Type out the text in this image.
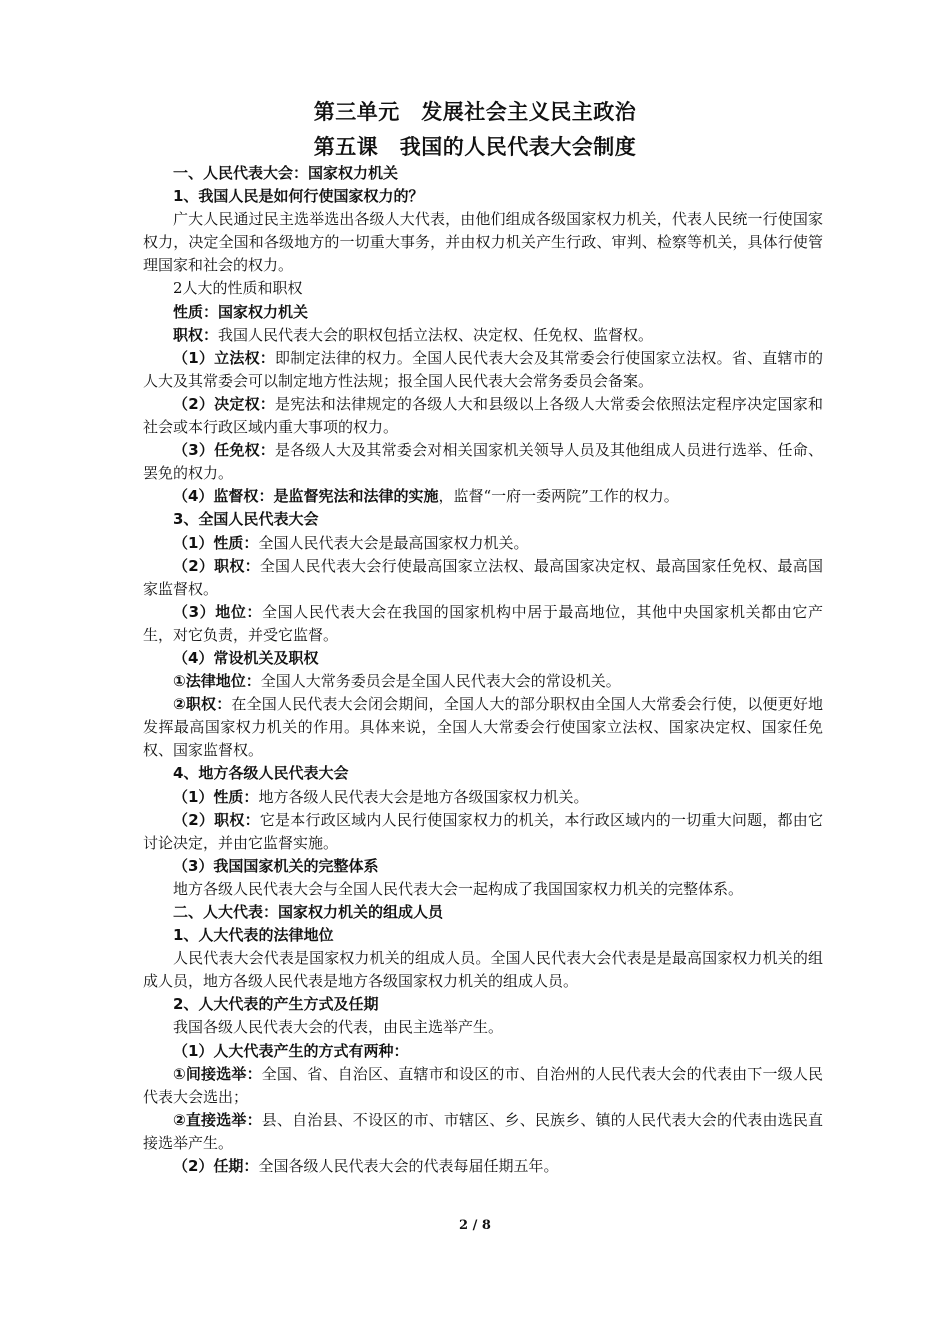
第三单元　发展社会主义民主政治
第五课　我国的人民代表大会制度

一、人民代表大会：国家权力机关

1、我国人民是如何行使国家权力的？

广大人民通过民主选举选出各级人大代表，由他们组成各级国家权力机关，代表人民统一行使国家权力，决定全国和各级地方的一切重大事务，并由权力机关产生行政、审判、检察等机关，具体行使管理国家和社会的权力。

2人大的性质和职权

性质：国家权力机关

职权：我国人民代表大会的职权包括立法权、决定权、任免权、监督权。

（1）立法权：即制定法律的权力。全国人民代表大会及其常委会行使国家立法权。省、直辖市的人大及其常委会可以制定地方性法规；报全国人民代表大会常务委员会备案。

（2）决定权：是宪法和法律规定的各级人大和县级以上各级人大常委会依照法定程序决定国家和社会或本行政区域内重大事项的权力。

（3）任免权：是各级人大及其常委会对相关国家机关领导人员及其他组成人员进行选举、任命、罢免的权力。

（4）监督权：是监督宪法和法律的实施，监督“一府一委两院”工作的权力。

3、全国人民代表大会

（1）性质：全国人民代表大会是最高国家权力机关。

（2）职权：全国人民代表大会行使最高国家立法权、最高国家决定权、最高国家任免权、最高国家监督权。

（3）地位：全国人民代表大会在我国的国家机构中居于最高地位，其他中央国家机关都由它产生，对它负责，并受它监督。

（4）常设机关及职权

①法律地位：全国人大常务委员会是全国人民代表大会的常设机关。

②职权：在全国人民代表大会闭会期间，全国人大的部分职权由全国人大常委会行使，以便更好地发挥最高国家权力机关的作用。具体来说，全国人大常委会行使国家立法权、国家决定权、国家任免权、国家监督权。

4、地方各级人民代表大会

（1）性质：地方各级人民代表大会是地方各级国家权力机关。

（2）职权：它是本行政区域内人民行使国家权力的机关，本行政区域内的一切重大问题，都由它讨论决定，并由它监督实施。

（3）我国国家机关的完整体系

地方各级人民代表大会与全国人民代表大会一起构成了我国国家权力机关的完整体系。

二、人大代表：国家权力机关的组成人员

1、人大代表的法律地位

人民代表大会代表是国家权力机关的组成人员。全国人民代表大会代表是是最高国家权力机关的组成人员，地方各级人民代表是地方各级国家权力机关的组成人员。

2、人大代表的产生方式及任期

我国各级人民代表大会的代表，由民主选举产生。

（1）人大代表产生的方式有两种：

①间接选举：全国、省、自治区、直辖市和设区的市、自治州的人民代表大会的代表由下一级人民代表大会选出；

②直接选举：县、自治县、不设区的市、市辖区、乡、民族乡、镇的人民代表大会的代表由选民直接选举产生。

（2）任期：全国各级人民代表大会的代表每届任期五年。

2 / 8
